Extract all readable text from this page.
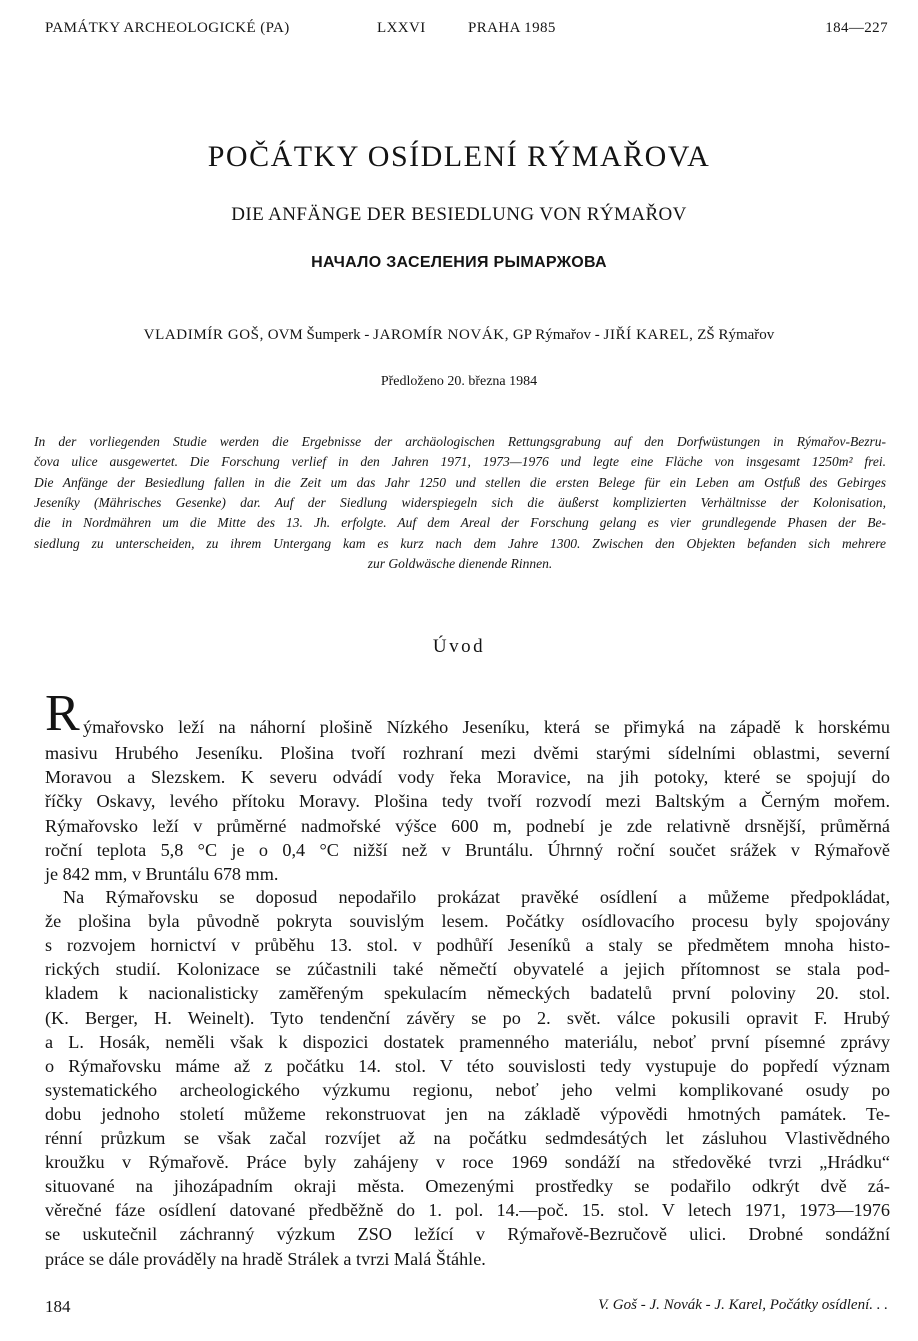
PAMÁTKY ARCHEOLOGICKÉ (PA)	LXXVI	PRAHA 1985	184—227
POČÁTKY OSÍDLENÍ RÝMAŘOVA
DIE ANFÄNGE DER BESIEDLUNG VON RÝMAŘOV
НАЧАЛО ЗАСЕЛЕНИЯ РЫМАРЖОВА
VLADIMÍR GOŠ, OVM Šumperk - JAROMÍR NOVÁK, GP Rýmařov - JIŘÍ KAREL, ZŠ Rýmařov
Předloženo 20. března 1984
In der vorliegenden Studie werden die Ergebnisse der archäologischen Rettungsgrabung auf den Dorfwüstungen in Rýmařov-Bezru-
čova ulice ausgewertet. Die Forschung verlief in den Jahren 1971, 1973—1976 und legte eine Fläche von insgesamt 1250m² frei.
Die Anfänge der Besiedlung fallen in die Zeit um das Jahr 1250 und stellen die ersten Belege für ein Leben am Ostfuß des Gebirges
Jeseníky (Mährisches Gesenke) dar. Auf der Siedlung widerspiegeln sich die äußerst komplizierten Verhältnisse der Kolonisation,
die in Nordmähren um die Mitte des 13. Jh. erfolgte. Auf dem Areal der Forschung gelang es vier grundlegende Phasen der Be-
siedlung zu unterscheiden, zu ihrem Untergang kam es kurz nach dem Jahre 1300. Zwischen den Objekten befanden sich mehrere
zur Goldwäsche dienende Rinnen.
Úvod
R ýmařovsko leží na náhorní plošině Nízkého Jeseníku, která se přimyká na západě k horskému
masivu Hrubého Jeseníku. Plošina tvoří rozhraní mezi dvěmi starými sídelními oblastmi, severní
Moravou a Slezskem. K severu odvádí vody řeka Moravice, na jih potoky, které se spojují do
říčky Oskavy, levého přítoku Moravy. Plošina tedy tvoří rozvodí mezi Baltským a Černým mořem.
Rýmařovsko leží v průměrné nadmořské výšce 600 m, podnebí je zde relativně drsnější, průměrná
roční teplota 5,8 °C je o 0,4 °C nižší než v Bruntálu. Úhrnný roční součet srážek v Rýmařově
je 842 mm, v Bruntálu 678 mm.
Na Rýmařovsku se doposud nepodařilo prokázat pravěké osídlení a můžeme předpokládat,
že plošina byla původně pokryta souvislým lesem. Počátky osídlovacího procesu byly spojovány
s rozvojem hornictví v průběhu 13. stol. v podhůří Jeseníků a staly se předmětem mnoha histo-
rických studií. Kolonizace se zúčastnili také němečtí obyvatelé a jejich přítomnost se stala pod-
kladem k nacionalisticky zaměřeným spekulacím německých badatelů první poloviny 20. stol.
(K. Berger, H. Weinelt). Tyto tendenční závěry se po 2. svět. válce pokusili opravit F. Hrubý
a L. Hosák, neměli však k dispozici dostatek pramenného materiálu, neboť první písemné zprávy
o Rýmařovsku máme až z počátku 14. stol. V této souvislosti tedy vystupuje do popředí význam
systematického archeologického výzkumu regionu, neboť jeho velmi komplikované osudy po
dobu jednoho století můžeme rekonstruovat jen na základě výpovědi hmotných památek. Te-
rénní průzkum se však začal rozvíjet až na počátku sedmdesátých let zásluhou Vlastivědného
kroužku v Rýmařově. Práce byly zahájeny v roce 1969 sondáží na středověké tvrzi „Hrádku“
situované na jihozápadním okraji města. Omezenými prostředky se podařilo odkrýt dvě zá-
věrečné fáze osídlení datované předběžně do 1. pol. 14.—poč. 15. stol. V letech 1971, 1973—1976
se uskutečnil záchranný výzkum ZSO ležící v Rýmařově-Bezručově ulici. Drobné sondážní
práce se dále prováděly na hradě Strálek a tvrzi Malá Štáhle.
184	V. Goš - J. Novák - J. Karel, Počátky osídlení. . .
